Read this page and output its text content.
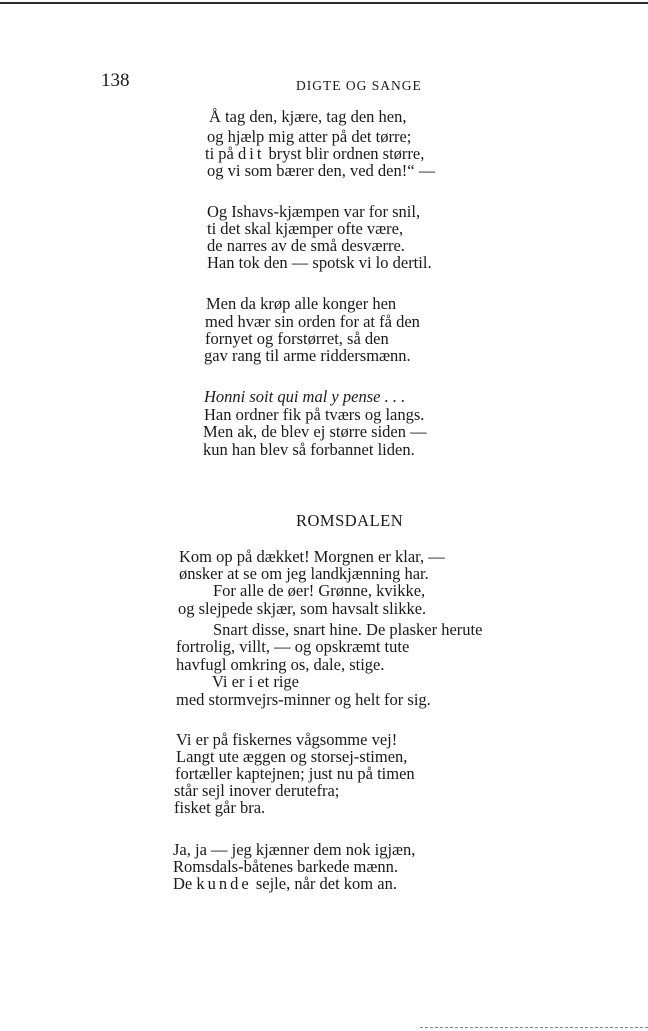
138	DIGTE OG SANGE
Å tag den, kjære, tag den hen,
og hjælp mig atter på det tørre;
ti på dit bryst blir ordnen større,
og vi som bærer den, ved den!“ —
Og Ishavs-kjæmpen var for snil,
ti det skal kjæmper ofte være,
de narres av de små desværre.
Han tok den — spotsk vi lo dertil.
Men da krøp alle konger hen
med hvær sin orden for at få den
fornyet og forstørret, så den
gav rang til arme riddersmænn.
Honni soit qui mal y pense . . .
Han ordner fik på tværs og langs.
Men ak, de blev ej større siden —
kun han blev så forbannet liden.
ROMSDALEN
Kom op på dækket! Morgnen er klar, —
ønsker at se om jeg landkjænning har.
For alle de øer! Grønne, kvikke,
og slejpede skjær, som havsalt slikke.
Snart disse, snart hine. De plasker herute
fortrolig, villt, — og opskræmt tute
havfugl omkring os, dale, stige.
Vi er i et rige
med stormvejrs-minner og helt for sig.
Vi er på fiskernes vågsomme vej!
Langt ute æggen og storsej-stimen,
fortæller kaptejnen; just nu på timen
står sejl inover derutefra;
fisket går bra.
Ja, ja — jeg kjænner dem nok igjæn,
Romsdals-båtenes barkede mænn.
De kunde sejle, når det kom an.
